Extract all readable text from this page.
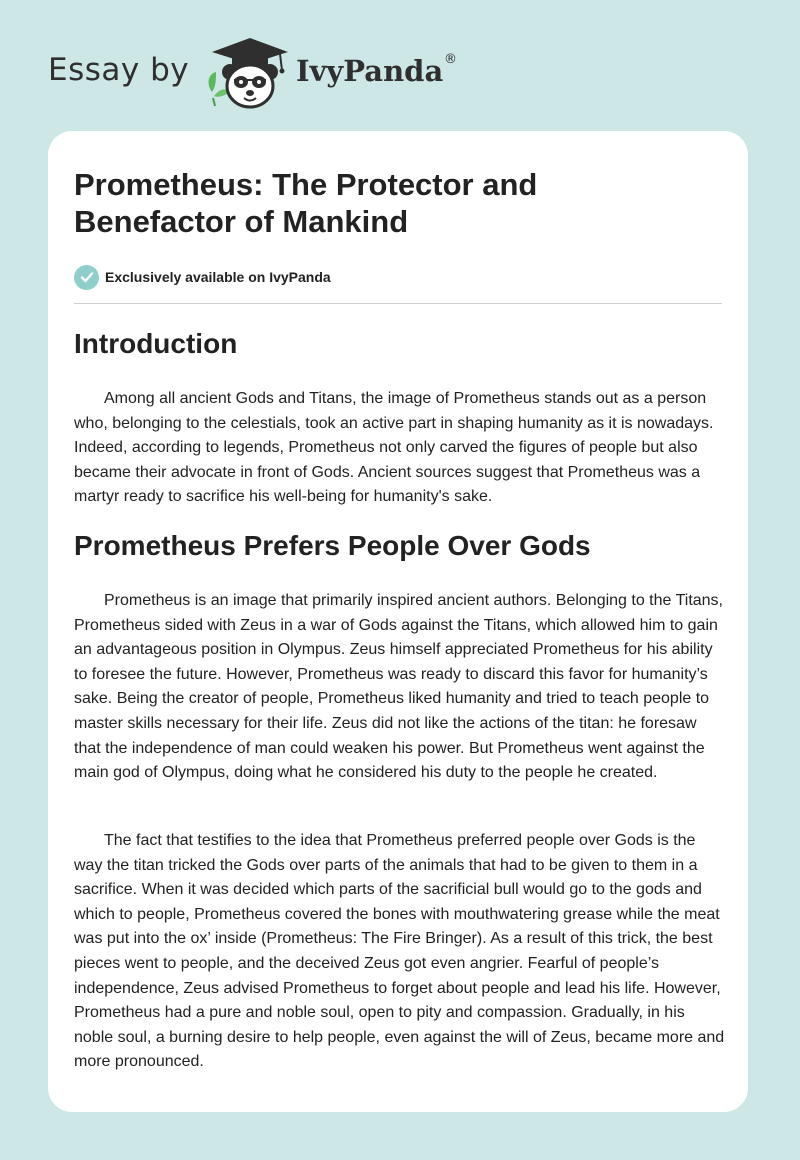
Essay by	IvyPanda ®
Prometheus: The Protector and Benefactor of Mankind
Exclusively available on IvyPanda
Introduction

Among all ancient Gods and Titans, the image of Prometheus stands out as a person who, belonging to the celestials, took an active part in shaping humanity as it is nowadays. Indeed, according to legends, Prometheus not only carved the figures of people but also became their advocate in front of Gods. Ancient sources suggest that Prometheus was a martyr ready to sacrifice his well-being for humanity's sake.

Prometheus Prefers People Over Gods

Prometheus is an image that primarily inspired ancient authors. Belonging to the Titans, Prometheus sided with Zeus in a war of Gods against the Titans, which allowed him to gain an advantageous position in Olympus. Zeus himself appreciated Prometheus for his ability to foresee the future. However, Prometheus was ready to discard this favor for humanity’s sake. Being the creator of people, Prometheus liked humanity and tried to teach people to master skills necessary for their life. Zeus did not like the actions of the titan: he foresaw that the independence of man could weaken his power. But Prometheus went against the main god of Olympus, doing what he considered his duty to the people he created.

The fact that testifies to the idea that Prometheus preferred people over Gods is the way the titan tricked the Gods over parts of the animals that had to be given to them in a sacrifice. When it was decided which parts of the sacrificial bull would go to the gods and which to people, Prometheus covered the bones with mouthwatering grease while the meat was put into the ox’ inside (Prometheus: The Fire Bringer). As a result of this trick, the best pieces went to people, and the deceived Zeus got even angrier. Fearful of people’s independence, Zeus advised Prometheus to forget about people and lead his life. However, Prometheus had a pure and noble soul, open to pity and compassion. Gradually, in his noble soul, a burning desire to help people, even against the will of Zeus, became more and more pronounced.
